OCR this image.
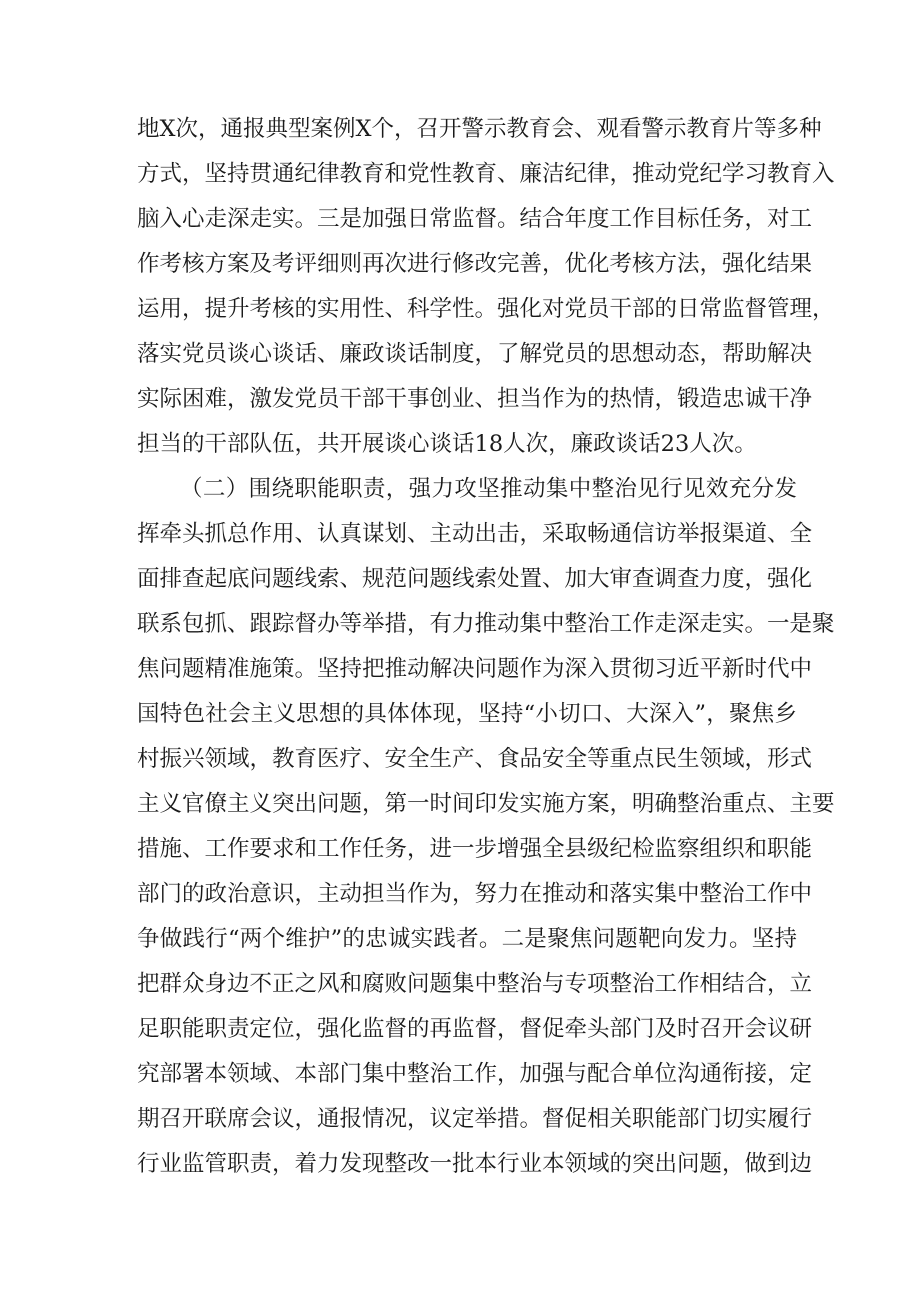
地X次，通报典型案例X个，召开警示教育会、观看警示教育片等多种
方式，坚持贯通纪律教育和党性教育、廉洁纪律，推动党纪学习教育入
脑入心走深走实。三是加强日常监督。结合年度工作目标任务，对工
作考核方案及考评细则再次进行修改完善，优化考核方法，强化结果
运用，提升考核的实用性、科学性。强化对党员干部的日常监督管理，
落实党员谈心谈话、廉政谈话制度，了解党员的思想动态，帮助解决
实际困难，激发党员干部干事创业、担当作为的热情，锻造忠诚干净
担当的干部队伍，共开展谈心谈话18人次，廉政谈话23人次。
（二）围绕职能职责，强力攻坚推动集中整治见行见效充分发
挥牵头抓总作用、认真谋划、主动出击，采取畅通信访举报渠道、全
面排查起底问题线索、规范问题线索处置、加大审查调查力度，强化
联系包抓、跟踪督办等举措，有力推动集中整治工作走深走实。一是聚
焦问题精准施策。坚持把推动解决问题作为深入贯彻习近平新时代中
国特色社会主义思想的具体体现，坚持“小切口、大深入”，聚焦乡
村振兴领域，教育医疗、安全生产、食品安全等重点民生领域，形式
主义官僚主义突出问题，第一时间印发实施方案，明确整治重点、主要
措施、工作要求和工作任务，进一步增强全县级纪检监察组织和职能
部门的政治意识，主动担当作为，努力在推动和落实集中整治工作中
争做践行“两个维护”的忠诚实践者。二是聚焦问题靶向发力。坚持
把群众身边不正之风和腐败问题集中整治与专项整治工作相结合，立
足职能职责定位，强化监督的再监督，督促牵头部门及时召开会议研
究部署本领域、本部门集中整治工作，加强与配合单位沟通衔接，定
期召开联席会议，通报情况，议定举措。督促相关职能部门切实履行
行业监管职责，着力发现整改一批本行业本领域的突出问题，做到边
